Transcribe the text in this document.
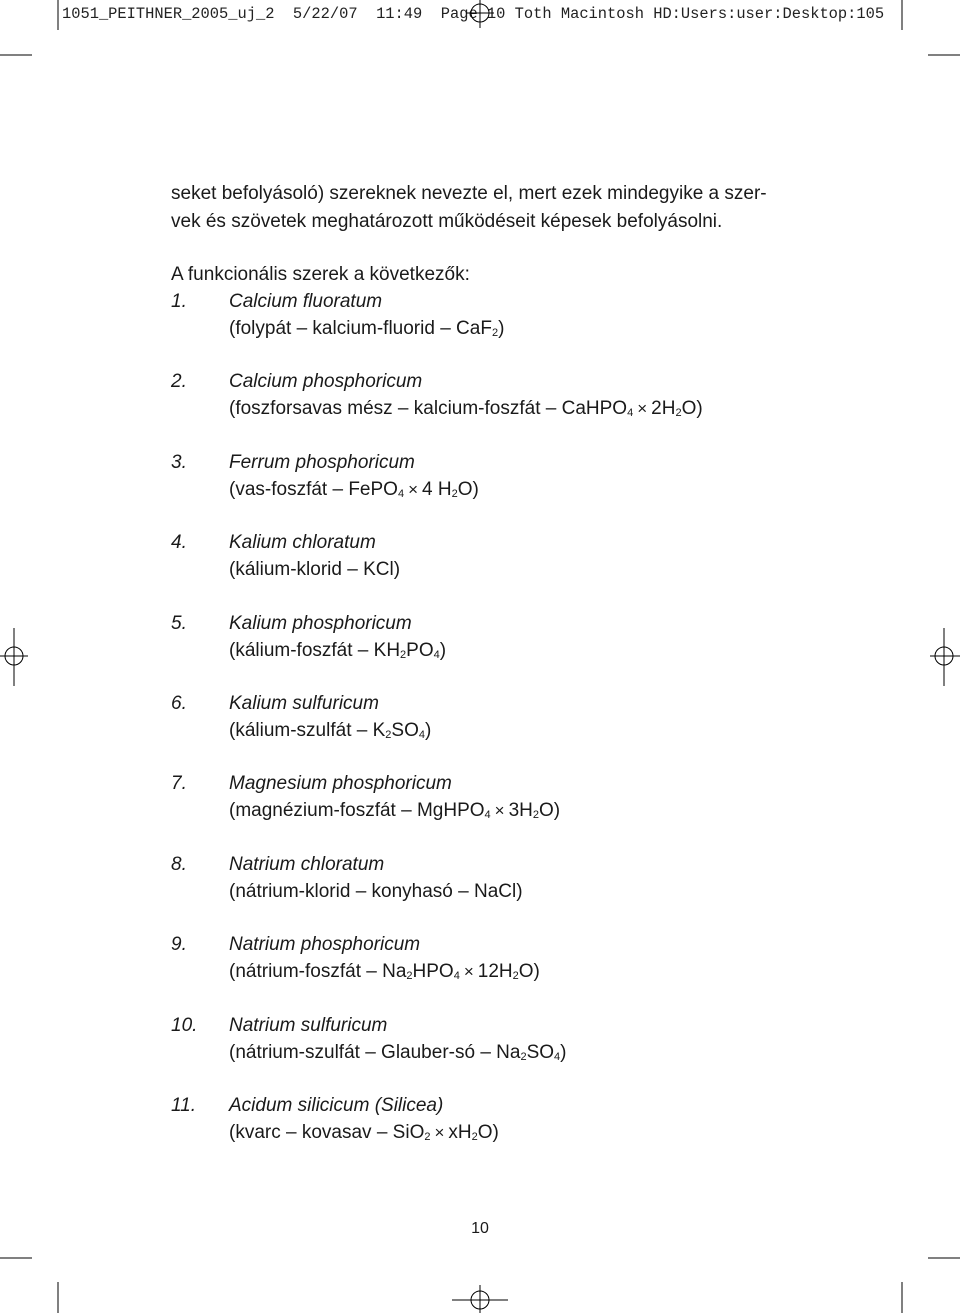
1051_PEITHNER_2005_uj_2 5/22/07 11:49 Page 10 Toth Macintosh HD:Users:user:Desktop:105
seket befolyásoló) szereknek nevezte el, mert ezek mindegyike a szer-
vek és szövetek meghatározott működéseit képesek befolyásolni.
A funkcionális szerek a következők:
1. Calcium fluoratum
(folypát – kalcium-fluorid – CaF$_2$)
2. Calcium phosphoricum
(foszforsavas mész – kalcium-foszfát – CaHPO$_4$ × $2H_2O$)
3. Ferrum phosphoricum
(vas-foszfát – FePO$_4$ × 4 $H_2O$)
4. Kalium chloratum
(kálium-klorid – KCl)
5. Kalium phosphoricum
(kálium-foszfát – $KH_2PO_4$)
6. Kalium sulfuricum
(kálium-szulfát – $K_2SO_4$)
7. Magnesium phosphoricum
(magnézium-foszfát – MgHPO$_4$ × $3H_2O$)
8. Natrium chloratum
(nátrium-klorid – konyhasó – NaCl)
9. Natrium phosphoricum
(nátrium-foszfát – $Na_2HPO_4 \times 12H_2O$)
10. Natrium sulfuricum
(nátrium-szulfát – Glauber-só – $Na_2SO_4$)
11. Acidum silicicum (Silicea)
(kvarc – kovasav – $SiO_2 \times xH_2O$)
10
